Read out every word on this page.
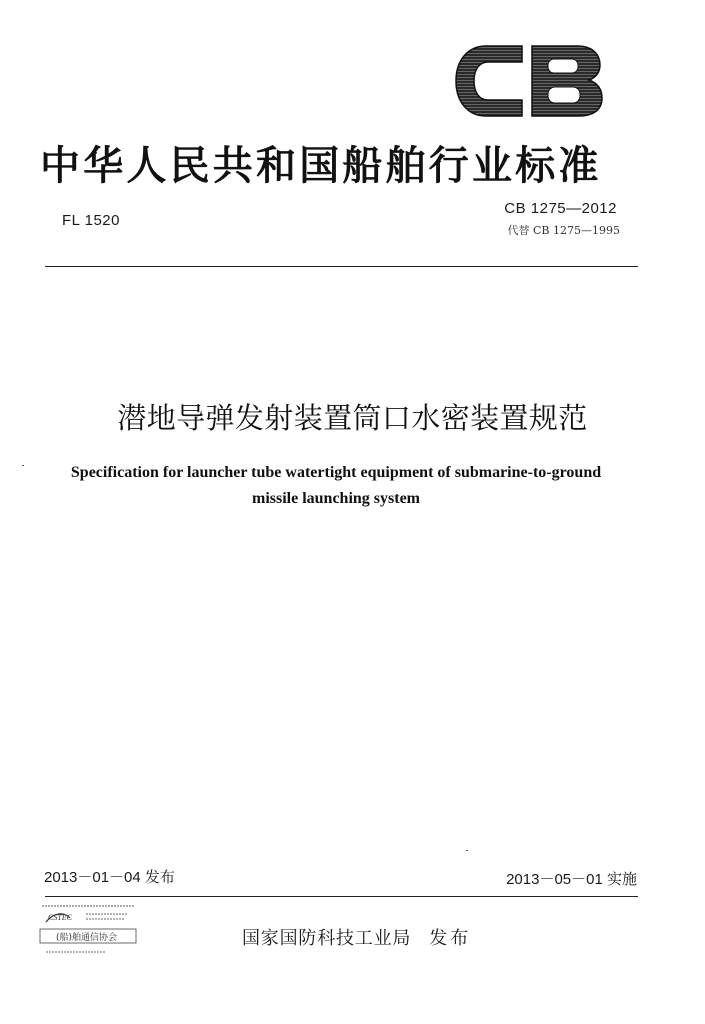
中华人民共和国船舶行业标准
FL 1520
CB 1275—2012
代替 CB 1275—1995
潜地导弹发射装置筒口水密装置规范
Specification for launcher tube watertight equipment of submarine-to-ground
missile launching system
2013－01－04 发布	2013－05－01 实施
CSTEC
(船)舶通信协会	国家国防科技工业局 发布
